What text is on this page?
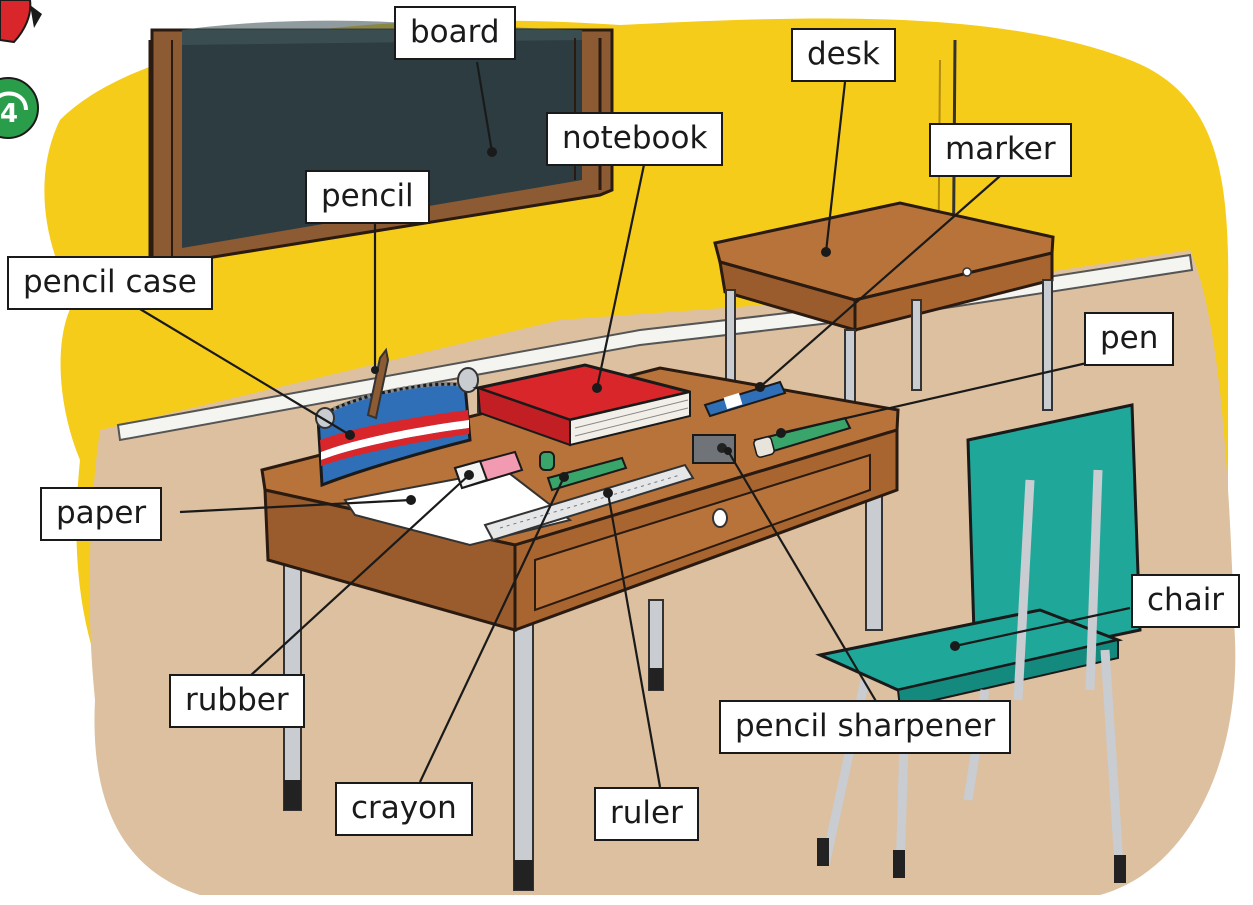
4
board
desk
notebook	marker
pencil
pencil case
pen
paper
chair
rubber
pencil sharpener
crayon	ruler
